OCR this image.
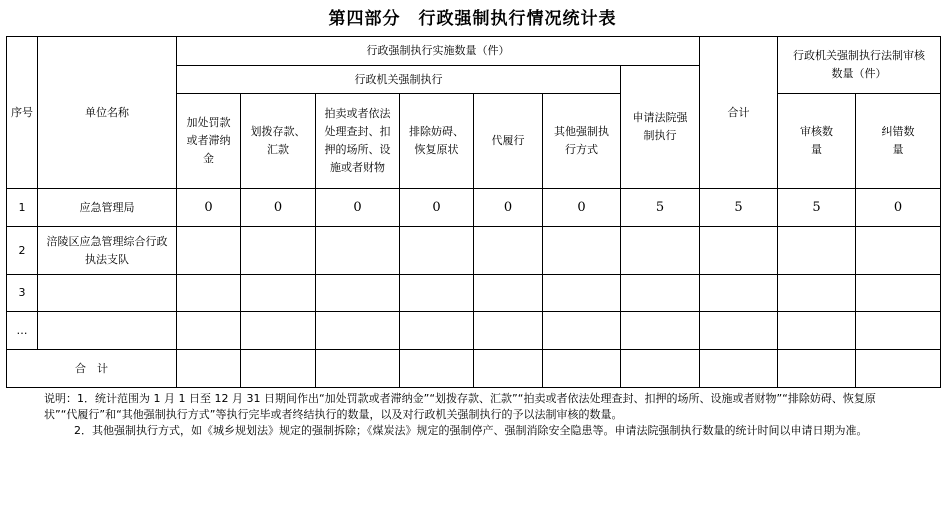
第四部分　行政强制执行情况统计表
序号	单位名称	行政强制执行实施数量（件）							合计	行政机关强制执行法制审核数量（件）	
		行政机关强制执行						申请法院强制执行			
		加处罚款或者滞纳金	划拨存款、汇款	拍卖或者依法处理查封、扣押的场所、设施或者财物	排除妨碍、恢复原状	代履行	其他强制执行方式			审核数量	纠错数量
1	应急管理局	0	0	0	0	0	0	5	5	5	0
2	涪陵区应急管理综合行政执法支队										
3											
…											
合　计											

说明：1．统计范围为 1 月 1 日至 12 月 31 日期间作出“加处罚款或者滞纳金”“划拨存款、汇款”“拍卖或者依法处理查封、扣押的场所、设施或者财物”“排除妨碍、恢复原状”“代履行”和“其他强制执行方式”等执行完毕或者终结执行的数量，以及对行政机关强制执行的予以法制审核的数量。

2．其他强制执行方式，如《城乡规划法》规定的强制拆除；《煤炭法》规定的强制停产、强制消除安全隐患等。申请法院强制执行数量的统计时间以申请日期为准。
